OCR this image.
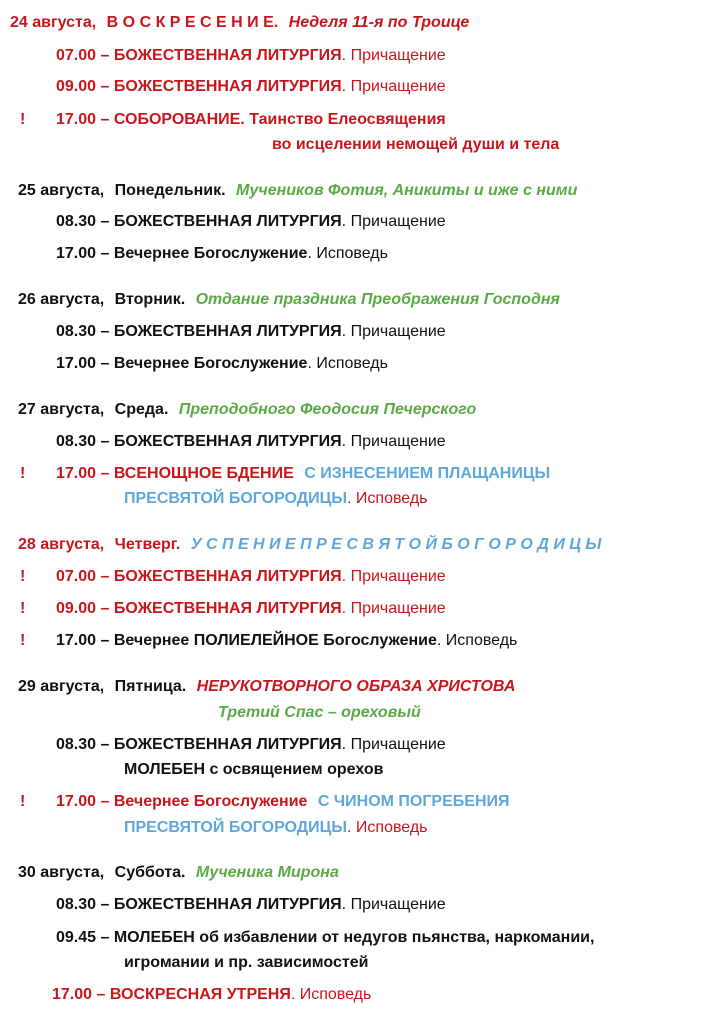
24 августа, В О С К Р Е С Е Н И Е. Неделя 11-я по Троице
07.00 – БОЖЕСТВЕННАЯ ЛИТУРГИЯ. Причащение
09.00 – БОЖЕСТВЕННАЯ ЛИТУРГИЯ. Причащение
! 17.00 – СОБОРОВАНИЕ. Таинство Елеосвящения
во исцелении немощей души и тела
25 августа, Понедельник. Мучеников Фотия, Аникиты и иже с ними
08.30 – БОЖЕСТВЕННАЯ ЛИТУРГИЯ. Причащение
17.00 – Вечернее Богослужение. Исповедь
26 августа, Вторник. Отдание праздника Преображения Господня
08.30 – БОЖЕСТВЕННАЯ ЛИТУРГИЯ. Причащение
17.00 – Вечернее Богослужение. Исповедь
27 августа, Среда. Преподобного Феодосия Печерского
08.30 – БОЖЕСТВЕННАЯ ЛИТУРГИЯ. Причащение
! 17.00 – ВСЕНОЩНОЕ БДЕНИЕ С ИЗНЕСЕНИЕМ ПЛАЩАНИЦЫ
ПРЕСВЯТОЙ БОГОРОДИЦЫ. Исповедь
28 августа, Четверг. У С П Е Н И Е П Р Е С В Я Т О Й Б О Г О Р О Д И Ц Ы
! 07.00 – БОЖЕСТВЕННАЯ ЛИТУРГИЯ. Причащение
! 09.00 – БОЖЕСТВЕННАЯ ЛИТУРГИЯ. Причащение
! 17.00 – Вечернее ПОЛИЕЛЕЙНОЕ Богослужение. Исповедь
29 августа, Пятница. НЕРУКОТВОРНОГО ОБРАЗА ХРИСТОВА
Третий Спас – ореховый
08.30 – БОЖЕСТВЕННАЯ ЛИТУРГИЯ. Причащение
МОЛЕБЕН с освящением орехов
! 17.00 – Вечернее Богослужение С ЧИНОМ ПОГРЕБЕНИЯ
ПРЕСВЯТОЙ БОГОРОДИЦЫ. Исповедь
30 августа, Суббота. Мученика Мирона
08.30 – БОЖЕСТВЕННАЯ ЛИТУРГИЯ. Причащение
09.45 – МОЛЕБЕН об избавлении от недугов пьянства, наркомании,
игромании и пр. зависимостей
17.00 – ВОСКРЕСНАЯ УТРЕНЯ. Исповедь
